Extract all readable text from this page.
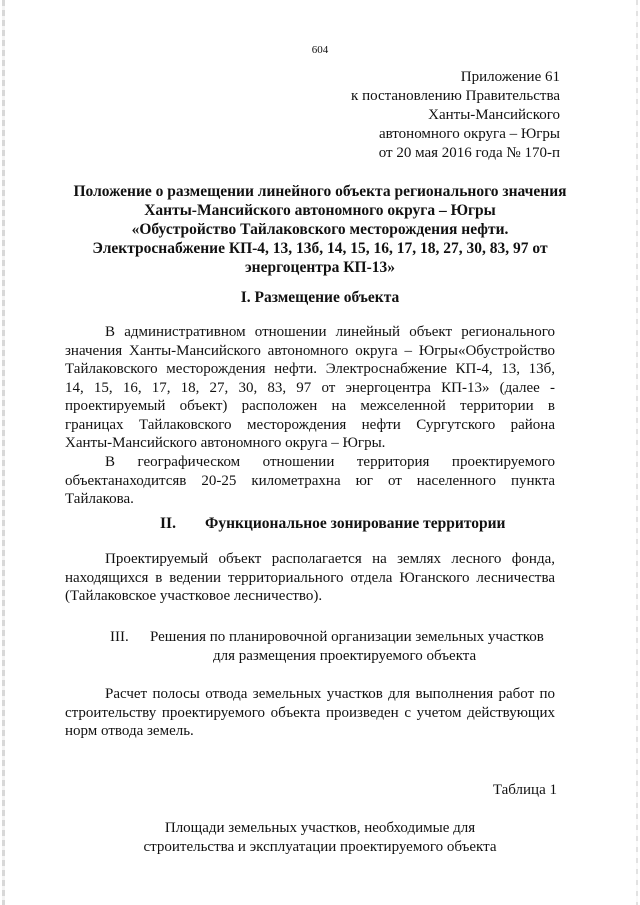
604
Приложение 61
к постановлению Правительства
Ханты-Мансийского
автономного округа – Югры
от 20 мая 2016 года № 170-п
Положение о размещении линейного объекта регионального значения
Ханты-Мансийского автономного округа – Югры
«Обустройство Тайлаковского месторождения нефти.
Электроснабжение КП-4, 13, 13б, 14, 15, 16, 17, 18, 27, 30, 83, 97 от
энергоцентра КП-13»
I. Размещение объекта
В административном отношении линейный объект регионального
значения Ханты-Мансийского автономного округа – Югры«Обустройство
Тайлаковского месторождения нефти. Электроснабжение КП-4, 13, 13б,
14, 15, 16, 17, 18, 27, 30, 83, 97 от энергоцентра КП-13» (далее -
проектируемый объект) расположен на межселенной территории в
границах Тайлаковского месторождения нефти Сургутского района
Ханты-Мансийского автономного округа – Югры.
В географическом отношении территория проектируемого
объектанаходитсяв 20-25 километрахна юг от населенного пункта
Тайлакова.
II. Функциональное зонирование территории
Проектируемый объект располагается на землях лесного фонда,
находящихся в ведении территориального отдела Юганского лесничества
(Тайлаковское участковое лесничество).
III. Решения по планировочной организации земельных участков
для размещения проектируемого объекта
Расчет полосы отвода земельных участков для выполнения работ по
строительству проектируемого объекта произведен с учетом действующих
норм отвода земель.
Таблица 1
Площади земельных участков, необходимые для
строительства и эксплуатации проектируемого объекта
